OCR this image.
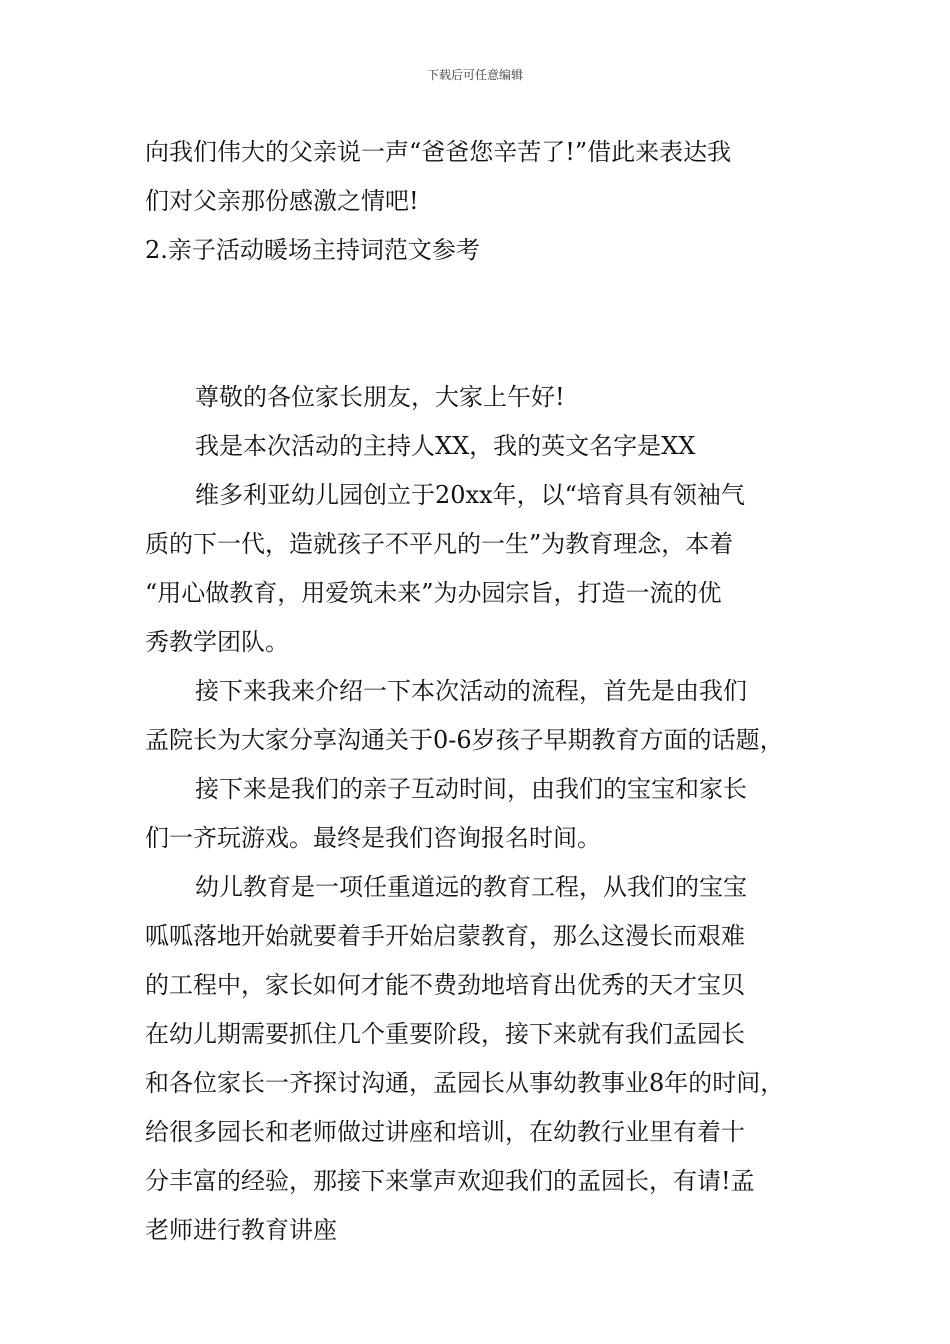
下载后可任意编辑
向我们伟大的父亲说一声“爸爸您辛苦了!”借此来表达我
们对父亲那份感激之情吧!
2.亲子活动暖场主持词范文参考
尊敬的各位家长朋友，大家上午好!
我是本次活动的主持人XX，我的英文名字是XX
维多利亚幼儿园创立于20xx年，以“培育具有领袖气
质的下一代，造就孩子不平凡的一生”为教育理念，本着
“用心做教育，用爱筑未来”为办园宗旨，打造一流的优
秀教学团队。
接下来我来介绍一下本次活动的流程，首先是由我们
孟院长为大家分享沟通关于0-6岁孩子早期教育方面的话题，
接下来是我们的亲子互动时间，由我们的宝宝和家长
们一齐玩游戏。最终是我们咨询报名时间。
幼儿教育是一项任重道远的教育工程，从我们的宝宝
呱呱落地开始就要着手开始启蒙教育，那么这漫长而艰难
的工程中，家长如何才能不费劲地培育出优秀的天才宝贝
在幼儿期需要抓住几个重要阶段，接下来就有我们孟园长
和各位家长一齐探讨沟通，孟园长从事幼教事业8年的时间，
给很多园长和老师做过讲座和培训，在幼教行业里有着十
分丰富的经验，那接下来掌声欢迎我们的孟园长，有请!孟
老师进行教育讲座
